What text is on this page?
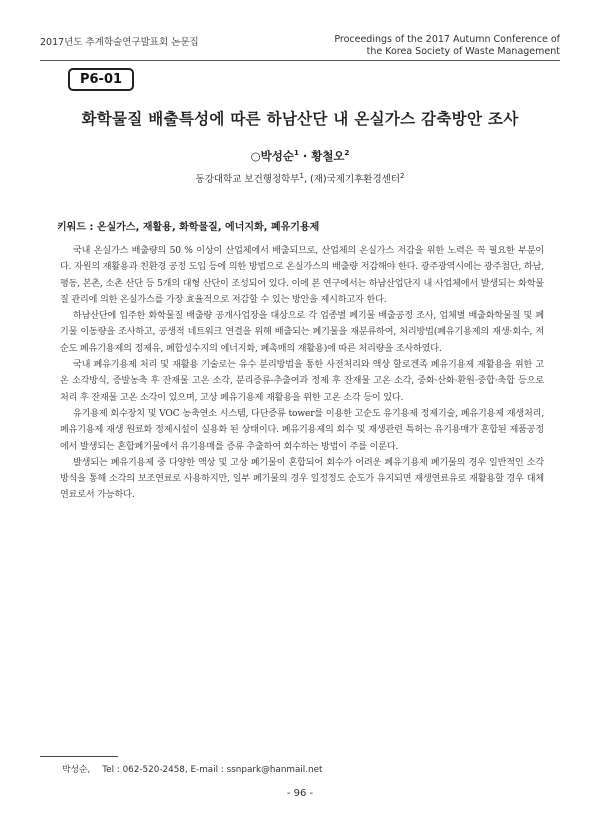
2017년도 추계학술연구발표회 논문집	Proceedings of the 2017 Autumn Conference of
the Korea Society of Waste Management
P6-01
화학물질 배출특성에 따른 하남산단 내 온실가스 감축방안 조사
○박성순$^1$ · 황철오$^2$
동강대학교 보건행정학부$^1$, (재)국제기후환경센터$^2$
키워드 : 온실가스, 재활용, 화학물질, 에너지화, 폐유기용제

국내 온실가스 배출량의 50 % 이상이 산업체에서 배출되므로, 산업체의 온실가스 저감을 위한 노력은 꼭 필요한 부분이다. 자원의 재활용과 친환경 공정 도입 등에 의한 방법으로 온실가스의 배출량 저감해야 한다. 광주광역시에는 광주첨단, 하남, 평동, 본촌, 소촌 산단 등 5개의 대형 산단이 조성되어 있다. 이에 본 연구에서는 하남산업단지 내 사업체에서 발생되는 화학물질 관리에 의한 온실가스를 가장 효율적으로 저감할 수 있는 방안을 제시하고자 한다.

하남산단에 입주한 화학물질 배출량 공개사업장을 대상으로 각 업종별 폐기물 배출공정 조사, 업체별 배출화학물질 및 폐기물 이동량을 조사하고, 공생적 네트워크 연결을 위해 배출되는 폐기물을 재분류하여, 처리방법(폐유기용제의 재생·회수, 저순도 폐유기용제의 정제유, 폐합성수지의 에너지화, 폐촉매의 재활용)에 따른 처리량을 조사하였다.

국내 폐유기용제 처리 및 재활용 기술로는 유수 분리방법을 통한 사전처리와 액상 할로겐족 폐유기용제 재활용을 위한 고온 소각방식, 증발농축 후 잔재물 고온 소각, 분리증류-추출여과 정제 후 잔재물 고온 소각, 중화·산화·환원·중합·축합 등으로 처리 후 잔재물 고온 소각이 있으며, 고상 폐유기용제 재활용을 위한 고온 소각 등이 있다.

유기용제 회수장치 및 VOC 농축연소 시스템, 다단증류 tower를 이용한 고순도 유기용제 정제기술, 폐유기용제 재생처리, 폐유기용제 재생 원료화 정제시설이 실용화 된 상태이다. 폐유기용제의 회수 및 재생관련 특허는 유기용매가 혼합된 제품공정에서 발생되는 혼합폐기물에서 유기용매를 증류 추출하여 회수하는 방법이 주를 이룬다.

발생되는 폐유기용제 중 다양한 액상 및 고상 폐기물이 혼합되어 회수가 어려운 폐유기용제 폐기물의 경우 일반적인 소각방식을 통해 소각의 보조연료로 사용하지만, 일부 폐기물의 경우 일정정도 순도가 유지되면 재생연료유로 재활용할 경우 대체연료로서 가능하다.

박성순, Tel : 062-520-2458, E-mail : ssnpark@hanmail.net
- 96 -
